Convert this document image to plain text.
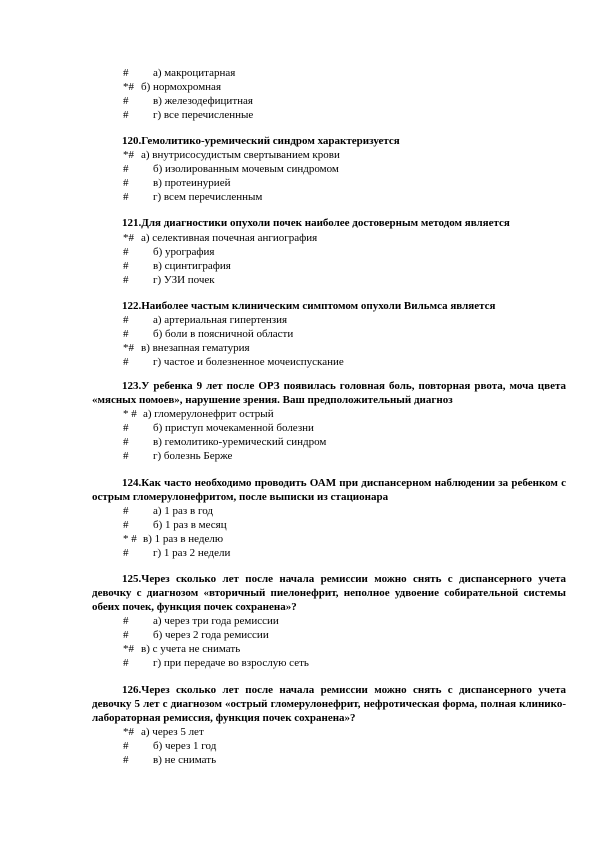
# а) макроцитарная
*# б) нормохромная
# в) железодефицитная
# г) все перечисленные
120.Гемолитико-уремический синдром характеризуется
*# а) внутрисосудистым свертыванием крови
# б) изолированным мочевым синдромом
# в) протеинурией
# г) всем перечисленным
121.Для диагностики опухоли почек наиболее достоверным методом является
*# а) селективная почечная ангиография
# б) урография
# в) сцинтиграфия
# г) УЗИ почек
122.Наиболее частым клиническим симптомом опухоли Вильмса является
# а) артериальная гипертензия
# б) боли в поясничной области
*# в) внезапная гематурия
# г) частое и болезненное мочеиспускание
123.У ребенка 9 лет после ОРЗ появилась головная боль, повторная рвота, моча цвета «мясных помоев», нарушение зрения. Ваш предположительный диагноз
* # а) гломерулонефрит острый
# б) приступ мочекаменной болезни
# в) гемолитико-уремический синдром
# г) болезнь Берже
124.Как часто необходимо проводить ОАМ при диспансерном наблюдении за ребенком с острым гломерулонефритом, после выписки из стационара
# а) 1 раз в год
# б) 1 раз в месяц
* # в) 1 раз в неделю
# г) 1 раз 2 недели
125.Через сколько лет после начала ремиссии можно снять с диспансерного учета девочку с диагнозом «вторичный пиелонефрит, неполное удвоение собирательной системы обеих почек, функция почек сохранена»?
# а) через три года ремиссии
# б) через 2 года ремиссии
*# в) с учета не снимать
# г) при передаче во взрослую сеть
126.Через сколько лет после начала ремиссии можно снять с диспансерного учета девочку 5 лет с диагнозом «острый гломерулонефрит, нефротическая форма, полная клинико-лабораторная ремиссия, функция почек сохранена»?
*# а) через 5 лет
# б) через 1 год
# в) не снимать
